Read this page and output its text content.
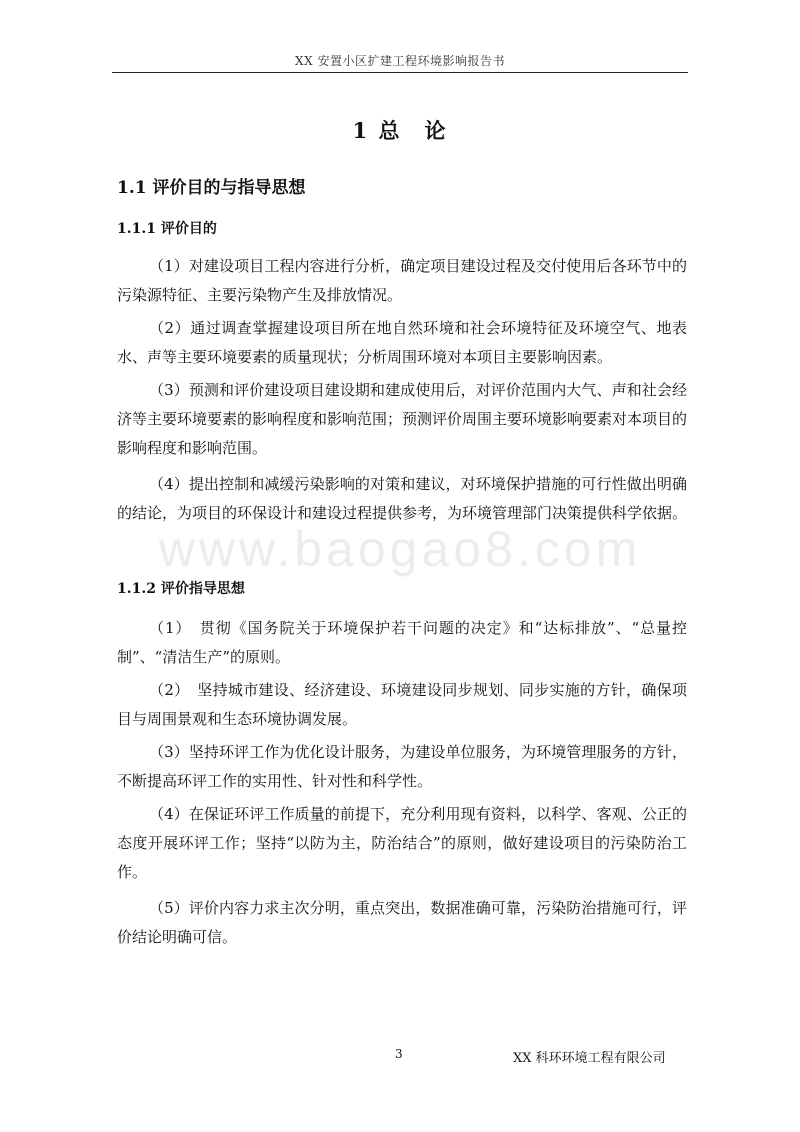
XX 安置小区扩建工程环境影响报告书
1 总　论
1.1 评价目的与指导思想
1.1.1 评价目的

（1）对建设项目工程内容进行分析，确定项目建设过程及交付使用后各环节中的污染源特征、主要污染物产生及排放情况。

（2）通过调查掌握建设项目所在地自然环境和社会环境特征及环境空气、地表水、声等主要环境要素的质量现状；分析周围环境对本项目主要影响因素。

（3）预测和评价建设项目建设期和建成使用后，对评价范围内大气、声和社会经济等主要环境要素的影响程度和影响范围；预测评价周围主要环境影响要素对本项目的影响程度和影响范围。

（4）提出控制和减缓污染影响的对策和建议，对环境保护措施的可行性做出明确的结论，为项目的环保设计和建设过程提供参考，为环境管理部门决策提供科学依据。

www.baogao8.com
1.1.2 评价指导思想

（1）　贯彻《国务院关于环境保护若干问题的决定》和“达标排放”、“总量控制”、“清洁生产”的原则。

（2）　坚持城市建设、经济建设、环境建设同步规划、同步实施的方针，确保项目与周围景观和生态环境协调发展。

（3）坚持环评工作为优化设计服务，为建设单位服务，为环境管理服务的方针，不断提高环评工作的实用性、针对性和科学性。

（4）在保证环评工作质量的前提下，充分利用现有资料，以科学、客观、公正的态度开展环评工作；坚持“以防为主，防治结合”的原则，做好建设项目的污染防治工作。

（5）评价内容力求主次分明，重点突出，数据准确可靠，污染防治措施可行，评价结论明确可信。

3	XX 科环环境工程有限公司
